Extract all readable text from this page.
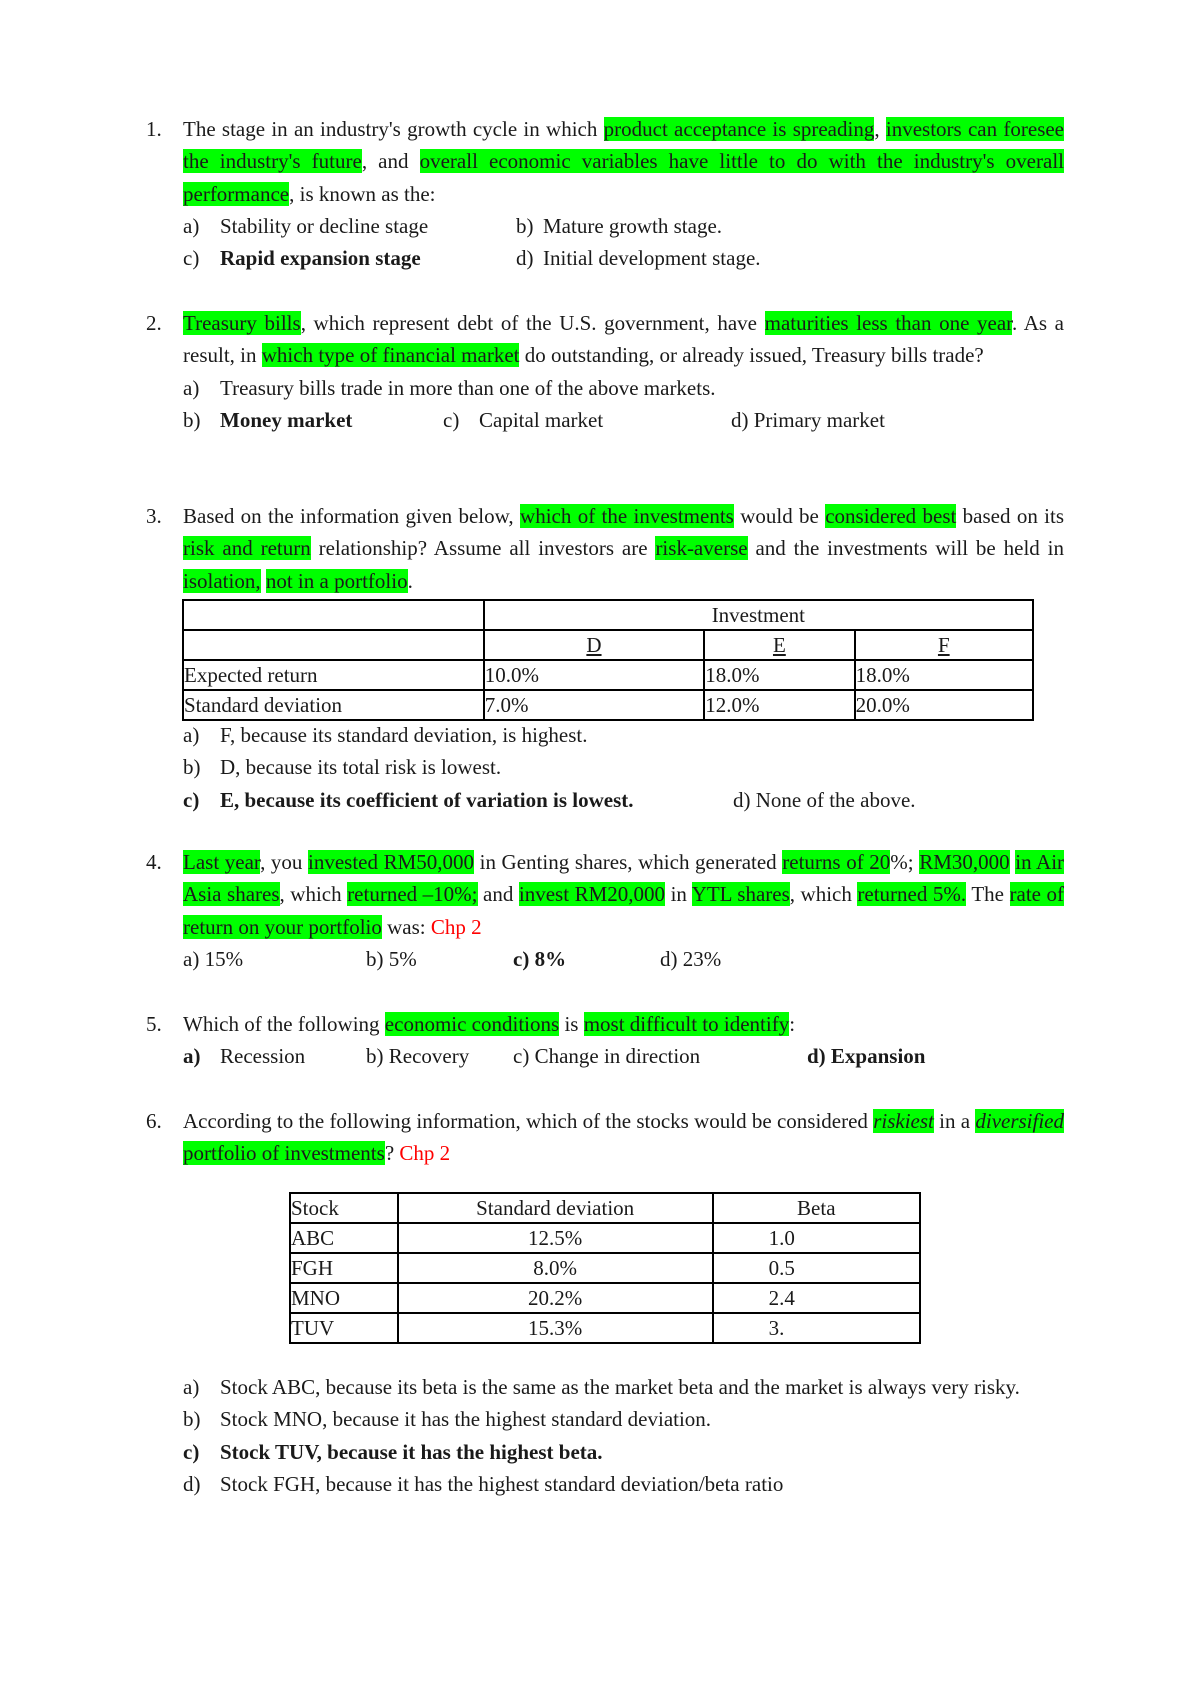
1. The stage in an industry's growth cycle in which product acceptance is spreading, investors can foresee the industry's future, and overall economic variables have little to do with the industry's overall performance, is known as the:
a) Stability or decline stage	b) Mature growth stage.
c) Rapid expansion stage	d) Initial development stage.
2. Treasury bills, which represent debt of the U.S. government, have maturities less than one year. As a result, in which type of financial market do outstanding, or already issued, Treasury bills trade?
a) Treasury bills trade in more than one of the above markets.
b) Money market	c) Capital market	d) Primary market
3. Based on the information given below, which of the investments would be considered best based on its risk and return relationship? Assume all investors are risk-averse and the investments will be held in isolation, not in a portfolio.
	Investment		
	D	E	F
Expected return	10.0%	18.0%	18.0%
Standard deviation	7.0%	12.0%	20.0%
a) F, because its standard deviation, is highest.
b) D, because its total risk is lowest.
c) E, because its coefficient of variation is lowest.	d) None of the above.
4. Last year, you invested RM50,000 in Genting shares, which generated returns of 20%; RM30,000 in Air Asia shares, which returned –10%; and invest RM20,000 in YTL shares, which returned 5%. The rate of return on your portfolio was: Chp 2
a) 15%	b) 5%	c) 8%	d) 23%
5. Which of the following economic conditions is most difficult to identify:
a) Recession	b) Recovery c) Change in direction	d) Expansion
6. According to the following information, which of the stocks would be considered riskiest in a diversified portfolio of investments? Chp 2
Stock	Standard deviation	Beta
ABC	12.5%	1.0
FGH	8.0%	0.5
MNO	20.2%	2.4
TUV	15.3%	3.
a) Stock ABC, because its beta is the same as the market beta and the market is always very risky.
b) Stock MNO, because it has the highest standard deviation.
c) Stock TUV, because it has the highest beta.
d) Stock FGH, because it has the highest standard deviation/beta ratio
